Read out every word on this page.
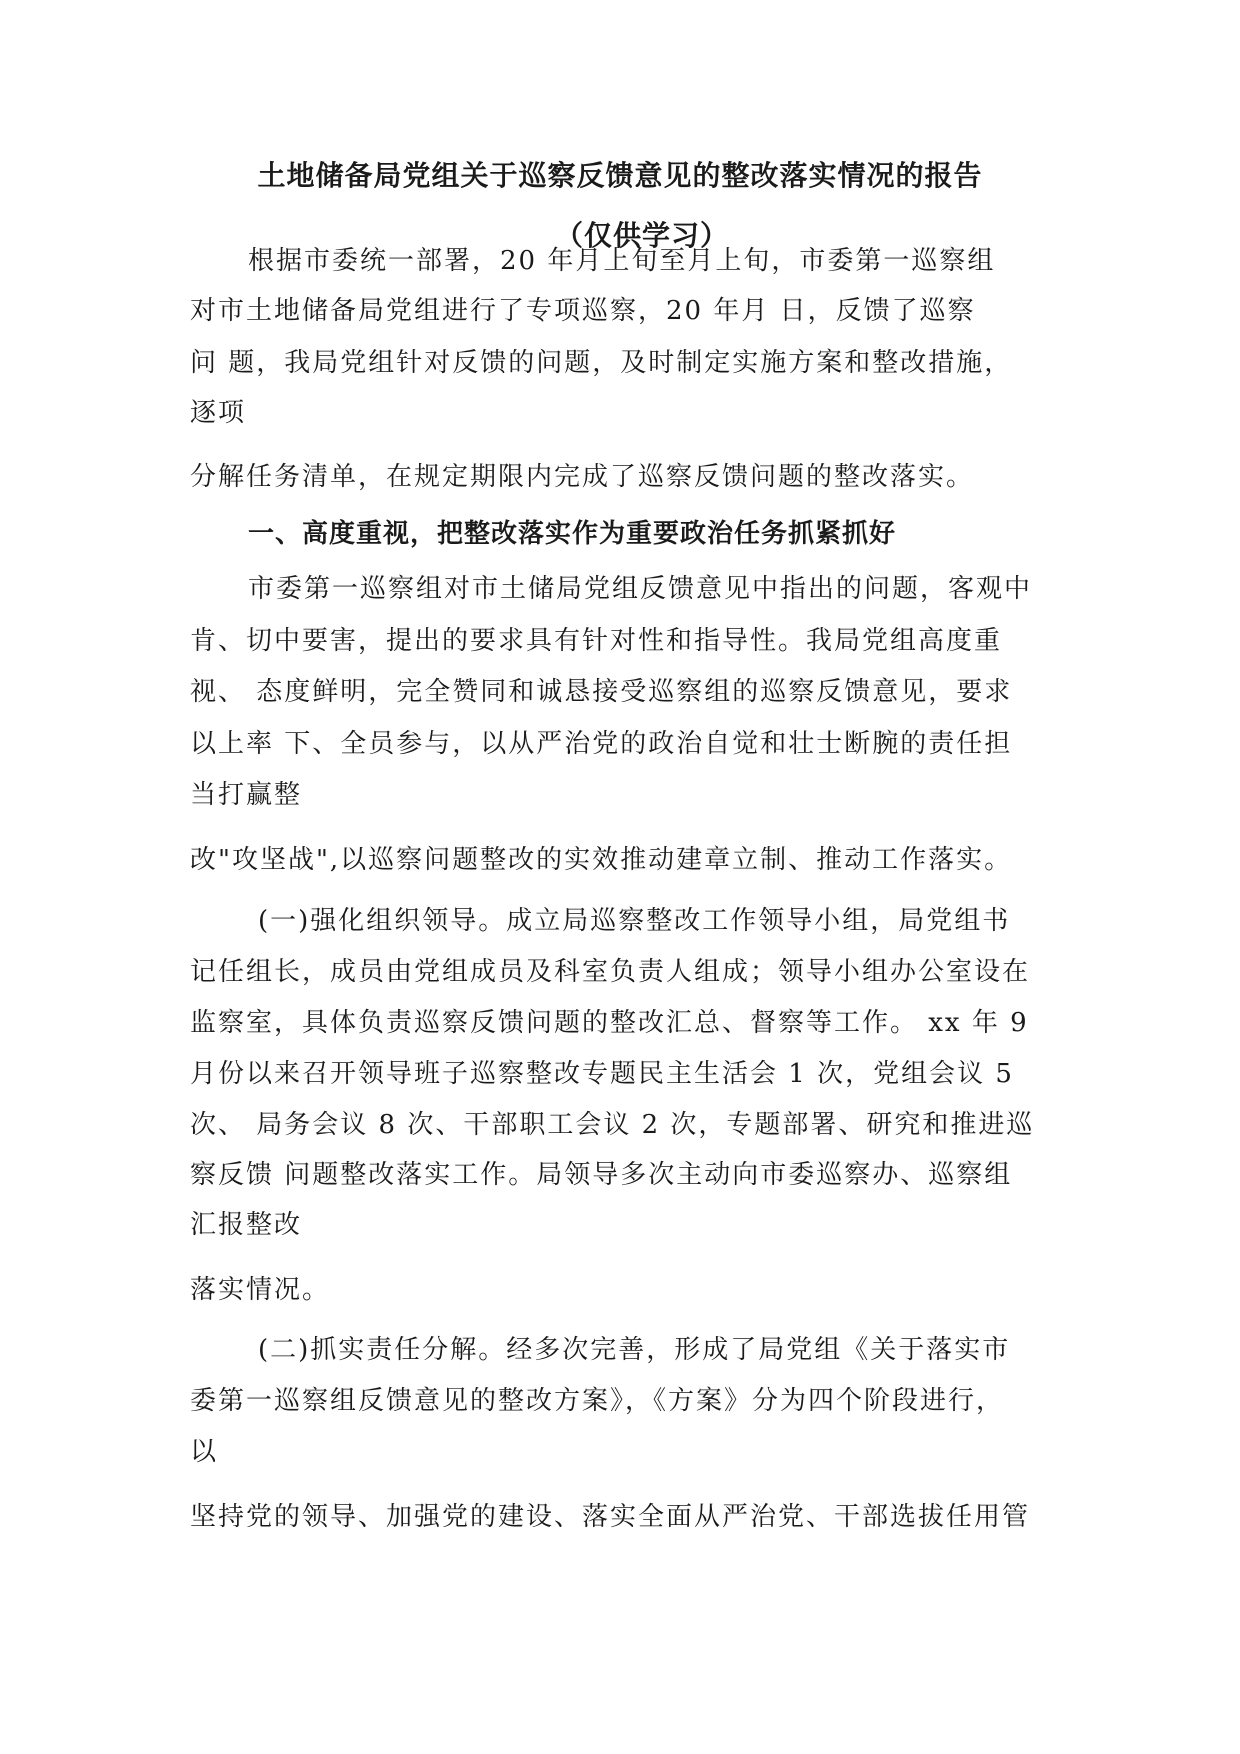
土地储备局党组关于巡察反馈意见的整改落实情况的报告
（仅供学习）
根据市委统一部署，20 年月上旬至月上旬，市委第一巡察组
对市土地储备局党组进行了专项巡察，20 年月 日，反馈了巡察
问 题，我局党组针对反馈的问题，及时制定实施方案和整改措施，
逐项
分解任务清单，在规定期限内完成了巡察反馈问题的整改落实。
一、高度重视，把整改落实作为重要政治任务抓紧抓好
市委第一巡察组对市土储局党组反馈意见中指出的问题，客观中
肯、切中要害，提出的要求具有针对性和指导性。我局党组高度重
视、 态度鲜明，完全赞同和诚恳接受巡察组的巡察反馈意见，要求
以上率 下、全员参与，以从严治党的政治自觉和壮士断腕的责任担
当打赢整
改"攻坚战",以巡察问题整改的实效推动建章立制、推动工作落实。
(一)强化组织领导。成立局巡察整改工作领导小组，局党组书
记任组长，成员由党组成员及科室负责人组成；领导小组办公室设在
监察室，具体负责巡察反馈问题的整改汇总、督察等工作。 xx 年 9
月份以来召开领导班子巡察整改专题民主生活会 1 次，党组会议 5
次、 局务会议 8 次、干部职工会议 2 次，专题部署、研究和推进巡
察反馈 问题整改落实工作。局领导多次主动向市委巡察办、巡察组
汇报整改
落实情况。
(二)抓实责任分解。经多次完善，形成了局党组《关于落实市
委第一巡察组反馈意见的整改方案》，《方案》分为四个阶段进行，
以
坚持党的领导、加强党的建设、落实全面从严治党、干部选拔任用管
